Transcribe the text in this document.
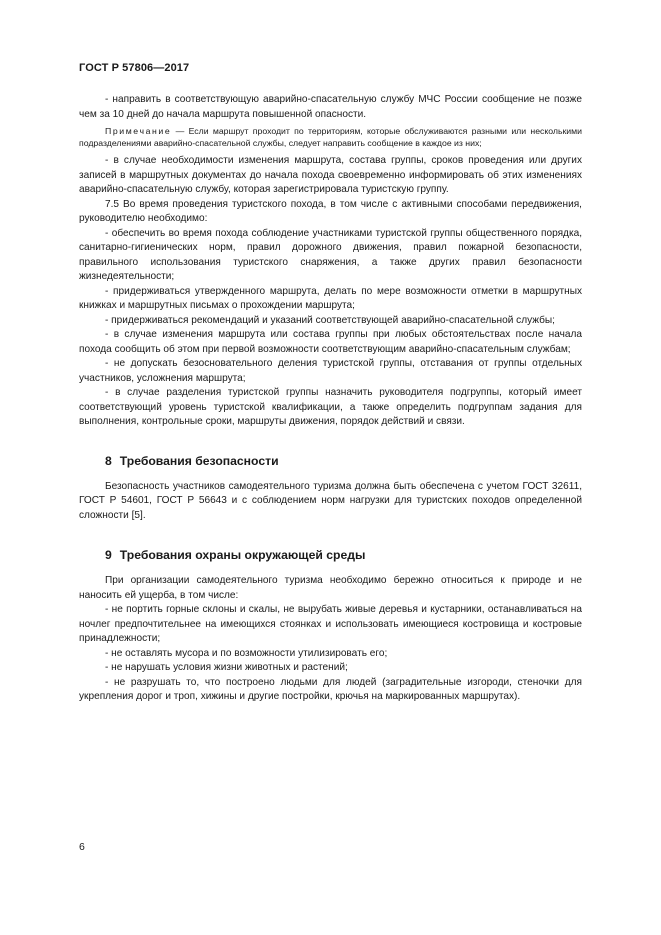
ГОСТ Р 57806—2017

- направить в соответствующую аварийно-спасательную службу МЧС России сообщение не позже чем за 10 дней до начала маршрута повышенной опасности.

Примечание — Если маршрут проходит по территориям, которые обслуживаются разными или несколькими подразделениями аварийно-спасательной службы, следует направить сообщение в каждое из них;

- в случае необходимости изменения маршрута, состава группы, сроков проведения или других записей в маршрутных документах до начала похода своевременно информировать об этих изменениях аварийно-спасательную службу, которая зарегистрировала туристскую группу.

7.5 Во время проведения туристского похода, в том числе с активными способами передвижения, руководителю необходимо:

- обеспечить во время похода соблюдение участниками туристской группы общественного порядка, санитарно-гигиенических норм, правил дорожного движения, правил пожарной безопасности, правильного использования туристского снаряжения, а также других правил безопасности жизнедеятельности;

- придерживаться утвержденного маршрута, делать по мере возможности отметки в маршрутных книжках и маршрутных письмах о прохождении маршрута;

- придерживаться рекомендаций и указаний соответствующей аварийно-спасательной службы;

- в случае изменения маршрута или состава группы при любых обстоятельствах после начала похода сообщить об этом при первой возможности соответствующим аварийно-спасательным службам;

- не допускать безосновательного деления туристской группы, отставания от группы отдельных участников, усложнения маршрута;

- в случае разделения туристской группы назначить руководителя подгруппы, который имеет соответствующий уровень туристской квалификации, а также определить подгруппам задания для выполнения, контрольные сроки, маршруты движения, порядок действий и связи.

8 Требования безопасности

Безопасность участников самодеятельного туризма должна быть обеспечена с учетом ГОСТ 32611, ГОСТ Р 54601, ГОСТ Р 56643 и с соблюдением норм нагрузки для туристских походов определенной сложности [5].

9 Требования охраны окружающей среды

При организации самодеятельного туризма необходимо бережно относиться к природе и не наносить ей ущерба, в том числе:

- не портить горные склоны и скалы, не вырубать живые деревья и кустарники, останавливаться на ночлег предпочтительнее на имеющихся стоянках и использовать имеющиеся костровища и костровые принадлежности;

- не оставлять мусора и по возможности утилизировать его;

- не нарушать условия жизни животных и растений;

- не разрушать то, что построено людьми для людей (заградительные изгороди, стеночки для укрепления дорог и троп, хижины и другие постройки, крючья на маркированных маршрутах).

6
